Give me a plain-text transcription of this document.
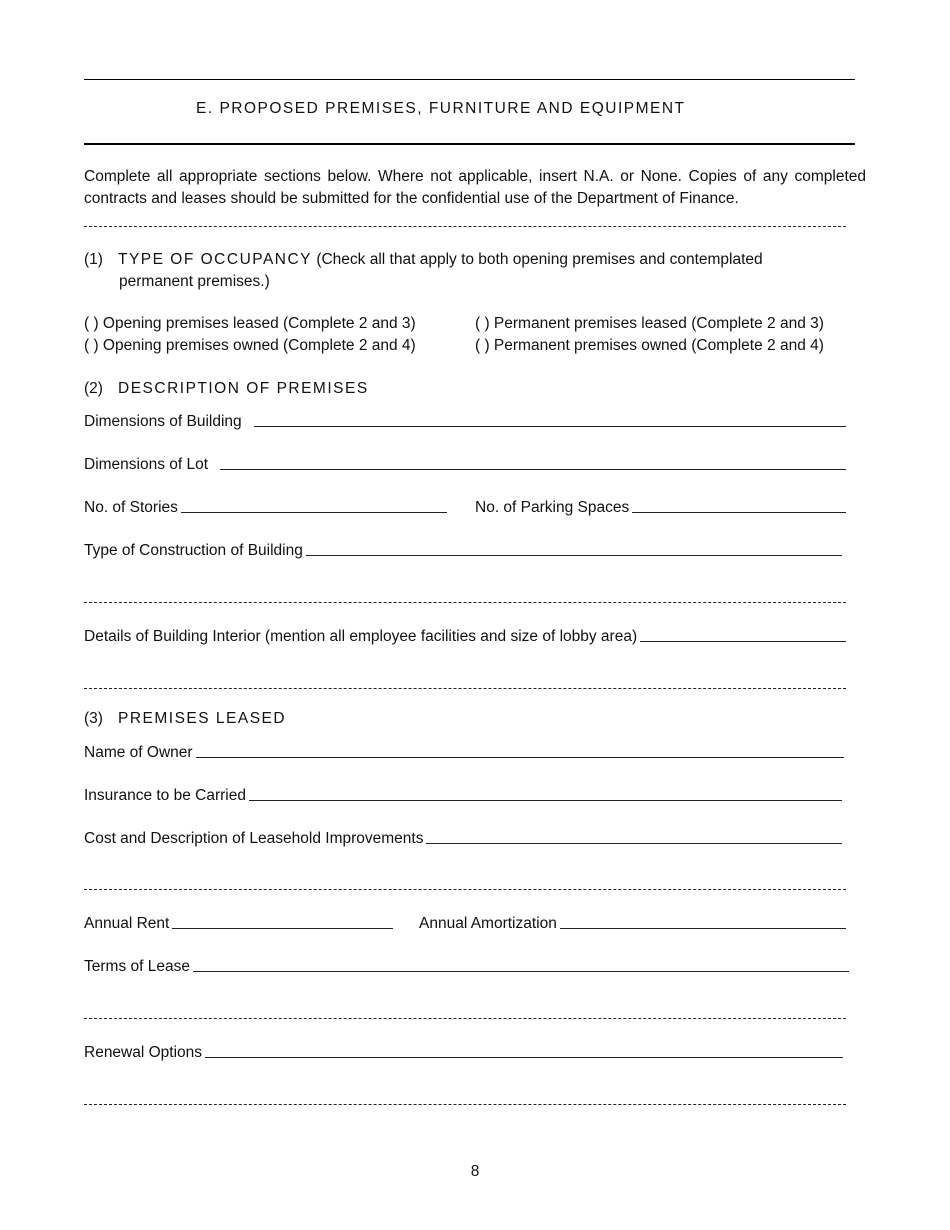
E. PROPOSED PREMISES, FURNITURE AND EQUIPMENT
Complete all appropriate sections below. Where not applicable, insert N.A. or None. Copies of any completed contracts and leases should be submitted for the confidential use of the Department of Finance.
(1) TYPE OF OCCUPANCY (Check all that apply to both opening premises and contemplated
permanent premises.)
( ) Opening premises leased (Complete 2 and 3)	( ) Permanent premises leased (Complete 2 and 3)
( ) Opening premises owned (Complete 2 and 4)	( ) Permanent premises owned (Complete 2 and 4)
(2) DESCRIPTION OF PREMISES
Dimensions of Building
Dimensions of Lot
No. of Stories	No. of Parking Spaces
Type of Construction of Building
Details of Building Interior (mention all employee facilities and size of lobby area)
(3) PREMISES LEASED
Name of Owner
Insurance to be Carried
Cost and Description of Leasehold Improvements
Annual Rent	Annual Amortization
Terms of Lease
Renewal Options
8
